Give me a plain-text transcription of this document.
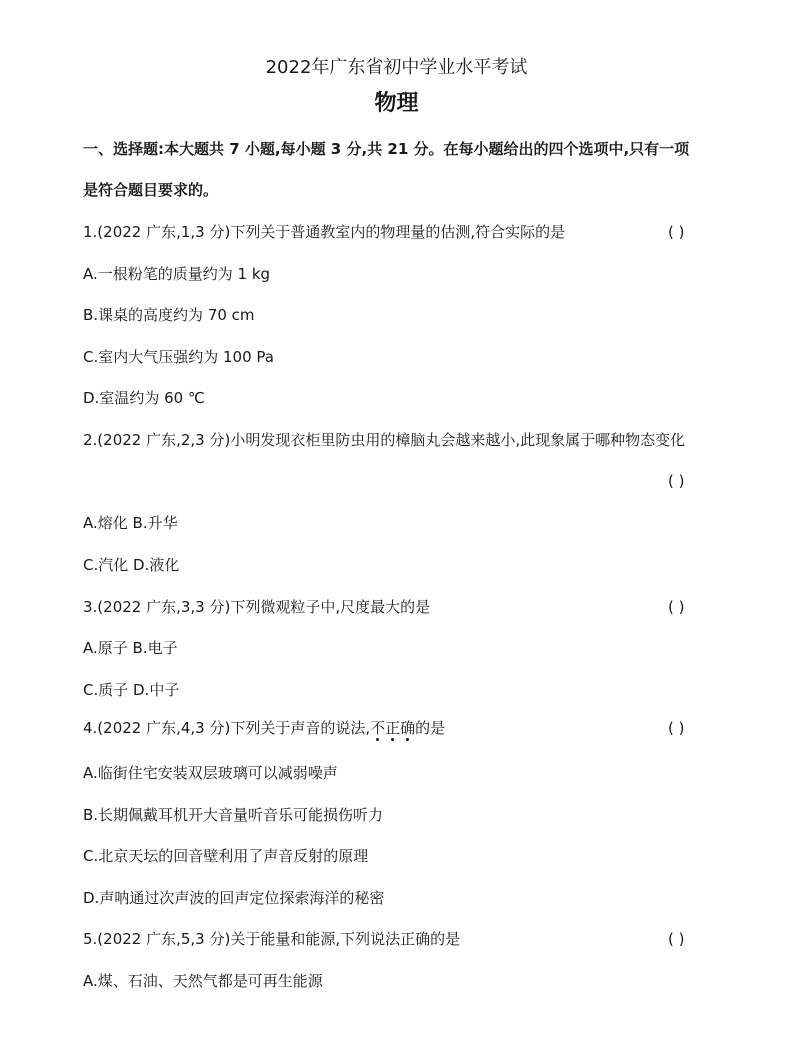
2022年广东省初中学业水平考试
物理
一、选择题:本大题共 7 小题,每小题 3 分,共 21 分。在每小题给出的四个选项中,只有一项
是符合题目要求的。
1.(2022 广东,1,3 分)下列关于普通教室内的物理量的估测,符合实际的是	( )
A.一根粉笔的质量约为 1 kg
B.课桌的高度约为 70 cm
C.室内大气压强约为 100 Pa
D.室温约为 60 ℃
2.(2022 广东,2,3 分)小明发现衣柜里防虫用的樟脑丸会越来越小,此现象属于哪种物态变化
( )
A.熔化 B.升华
C.汽化 D.液化
3.(2022 广东,3,3 分)下列微观粒子中,尺度最大的是	( )
A.原子 B.电子
C.质子 D.中子
4.(2022 广东,4,3 分)下列关于声音的说法,不正确的是	( )
A.临街住宅安装双层玻璃可以减弱噪声
B.长期佩戴耳机开大音量听音乐可能损伤听力
C.北京天坛的回音壁利用了声音反射的原理
D.声呐通过次声波的回声定位探索海洋的秘密
5.(2022 广东,5,3 分)关于能量和能源,下列说法正确的是	( )
A.煤、石油、天然气都是可再生能源
